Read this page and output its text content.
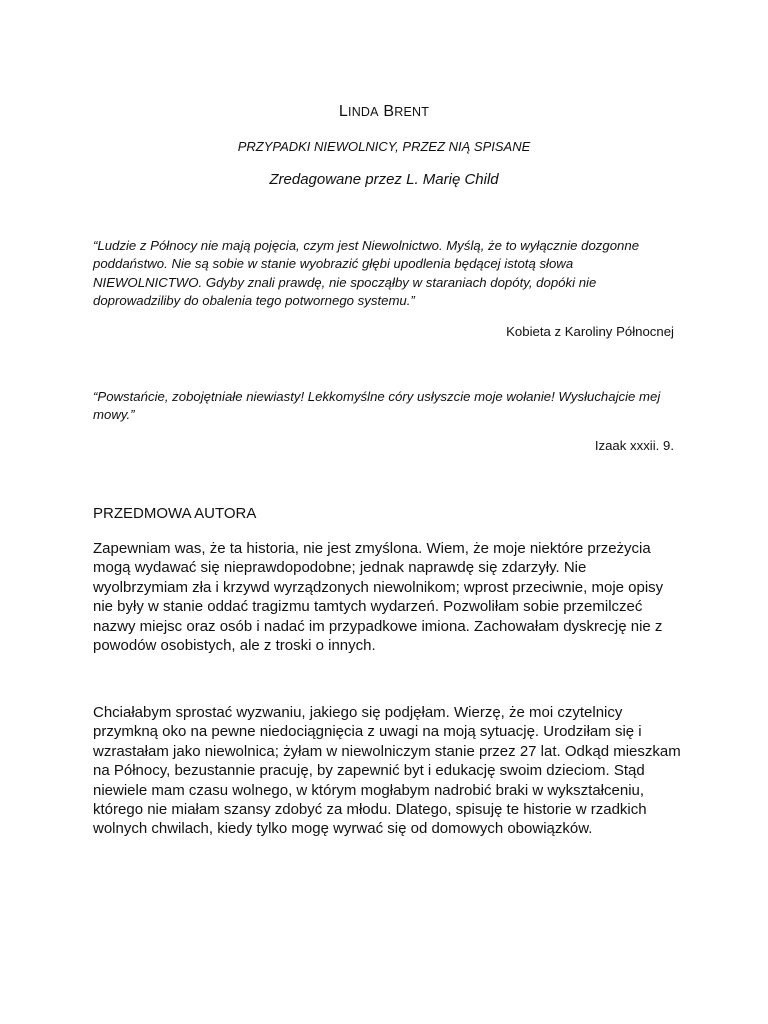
LINDA BRENT
PRZYPADKI NIEWOLNICY, PRZEZ NIĄ SPISANE
Zredagowane przez L. Marię Child
“Ludzie z Północy nie mają pojęcia, czym jest Niewolnictwo. Myślą, że to wyłącznie dozgonne poddaństwo. Nie są sobie w stanie wyobrazić głębi upodlenia będącej istotą słowa NIEWOLNICTWO. Gdyby znali prawdę, nie spocząłby w staraniach dopóty, dopóki nie doprowadziliby do obalenia tego potwornego systemu.”
Kobieta z Karoliny Północnej
“Powstańcie, zobojętniałe niewiasty! Lekkomyślne córy usłyszcie moje wołanie! Wysłuchajcie mej mowy.”
Izaak xxxii. 9.
PRZEDMOWA AUTORA
Zapewniam was, że ta historia, nie jest zmyślona. Wiem, że moje niektóre przeżycia mogą wydawać się nieprawdopodobne; jednak naprawdę się zdarzyły. Nie wyolbrzymiam zła i krzywd wyrządzonych niewolnikom; wprost przeciwnie, moje opisy nie były w stanie oddać tragizmu tamtych wydarzeń. Pozwoliłam sobie przemilczeć nazwy miejsc oraz osób i nadać im przypadkowe imiona. Zachowałam dyskrecję nie z powodów osobistych, ale z troski o innych.
Chciałabym sprostać wyzwaniu, jakiego się podjęłam. Wierzę, że moi czytelnicy przymkną oko na pewne niedociągnięcia z uwagi na moją sytuację. Urodziłam się i wzrastałam jako niewolnica; żyłam w niewolniczym stanie przez 27 lat. Odkąd mieszkam na Północy, bezustannie pracuję, by zapewnić byt i edukację swoim dzieciom. Stąd niewiele mam czasu wolnego, w którym mogłabym nadrobić braki w wykształceniu, którego nie miałam szansy zdobyć za młodu. Dlatego, spisuję te historie w rzadkich wolnych chwilach, kiedy tylko mogę wyrwać się od domowych obowiązków.
